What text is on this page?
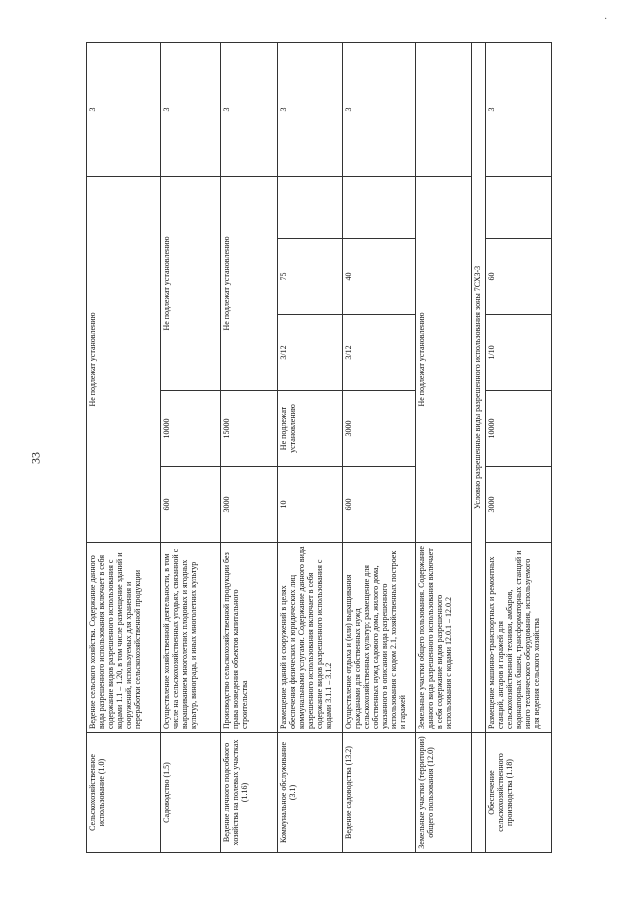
·
33
Сельскохозяйственное использование (1.0)	Ведение сельского хозяйства. Содержание данного вида разрешенного использования включает в себя содержание видов разрешенного использования с кодами 1.1 – 1.20, в том числе размещение зданий и сооружений, используемых для хранения и переработки сельскохозяйственной продукции	Не подлежат установлению					3
Садоводство (1.5)	Осуществление хозяйственной деятельности, в том числе на сельскохозяйственных угодьях, связанной с выращиванием многолетних плодовых и ягодных культур, винограда, и иных многолетних культур	600	10000	Не подлежат установлению			3
Ведение личного подсобного хозяйства на полевых участках (1.16)	Производство сельскохозяйственной продукции без права возведения объектов капитального строительства	3000	15000	Не подлежат установлению			3
Коммунальное обслуживание (3.1)	Размещение зданий и сооружений в целях обеспечения физических и юридических лиц коммунальными услугами. Содержание данного вида разрешенного использования включает в себя содержание видов разрешенного использования с кодами 3.1.1 – 3.1.2	10	Не подлежат установлению	3/12	75		3
Ведение садоводства (13.2)	Осуществление отдыха и (или) выращивания гражданами для собственных нужд сельскохозяйственных культур; размещение для собственных нужд садового дома, жилого дома, указанного в описании вида разрешенного использования с кодом 2.1, хозяйственных построек и гаражей	600	3000	3/12	40		3
Земельные участки (территории) общего пользования (12.0)	Земельные участки общего пользования. Содержание данного вида разрешенного использования включает в себя содержание видов разрешенного использования с кодами 12.0.1 – 12.0.2	Не подлежат установлению					
	Условно разрешенные виды разрешенного использования зоны 7СХЗ-3						
Обеспечение сельскохозяйственного производства (1.18)	Размещение машинно-транспортных и ремонтных станций, ангаров и гаражей для сельскохозяйственной техники, амбаров, водонапорных башен, трансформаторных станций и иного технического оборудования, используемого для ведения сельского хозяйства	3000	10000	1/10	60		3
